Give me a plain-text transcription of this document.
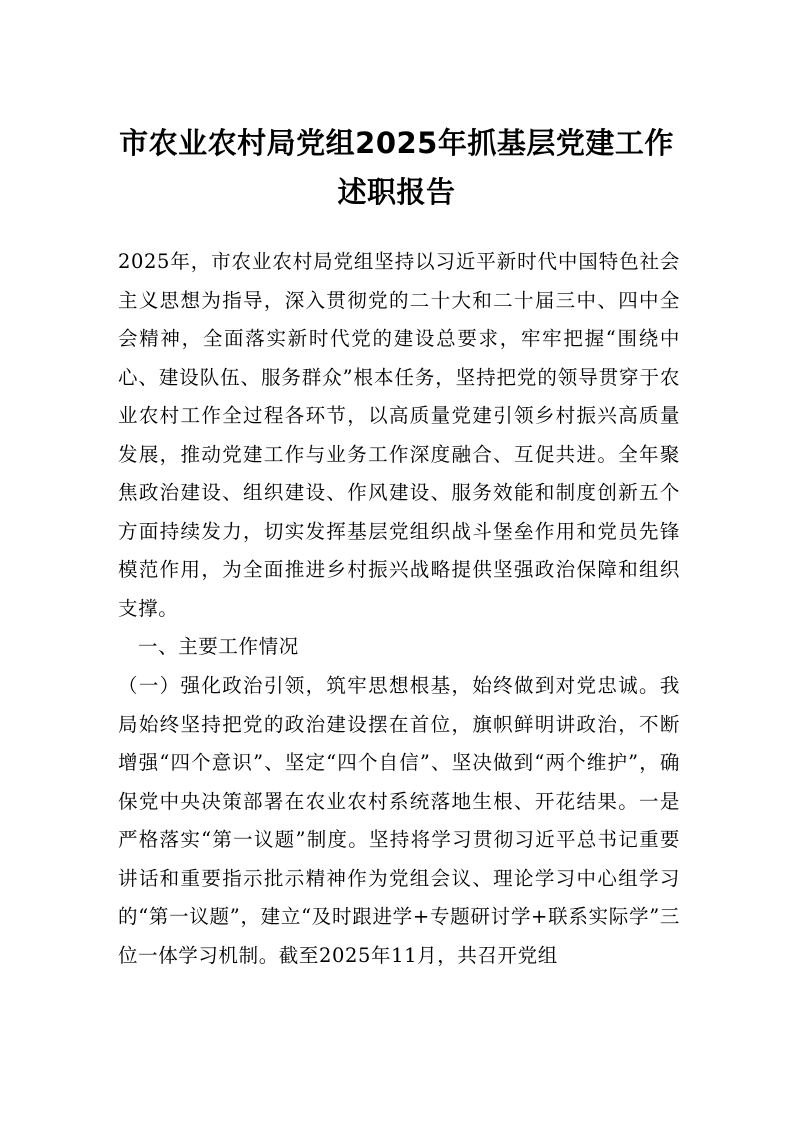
市农业农村局党组2025年抓基层党建工作
述职报告

2025年，市农业农村局党组坚持以习近平新时代中国特色社会主义思想为指导，深入贯彻党的二十大和二十届三中、四中全会精神，全面落实新时代党的建设总要求，牢牢把握“围绕中心、建设队伍、服务群众”根本任务，坚持把党的领导贯穿于农业农村工作全过程各环节，以高质量党建引领乡村振兴高质量发展，推动党建工作与业务工作深度融合、互促共进。全年聚焦政治建设、组织建设、作风建设、服务效能和制度创新五个方面持续发力，切实发挥基层党组织战斗堡垒作用和党员先锋模范作用，为全面推进乡村振兴战略提供坚强政治保障和组织支撑。

一、主要工作情况

（一）强化政治引领，筑牢思想根基，始终做到对党忠诚。我局始终坚持把党的政治建设摆在首位，旗帜鲜明讲政治，不断增强“四个意识”、坚定“四个自信”、坚决做到“两个维护”，确保党中央决策部署在农业农村系统落地生根、开花结果。一是严格落实“第一议题”制度。坚持将学习贯彻习近平总书记重要讲话和重要指示批示精神作为党组会议、理论学习中心组学习的“第一议题”，建立“及时跟进学+专题研讨学+联系实际学”三位一体学习机制。截至2025年11月，共召开党组
